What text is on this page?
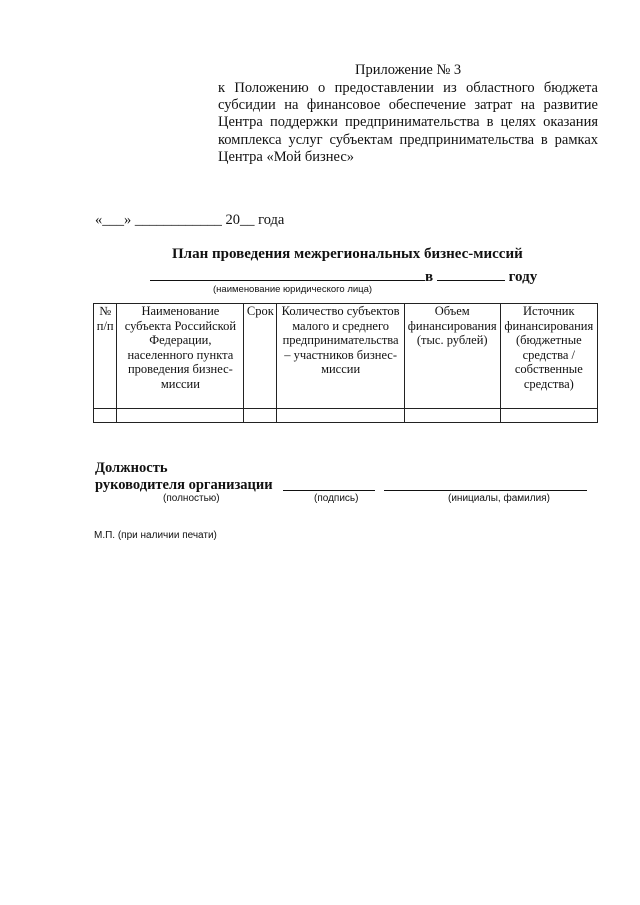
Приложение № 3
к Положению о предоставлении из областного бюджета
субсидии на финансовое обеспечение затрат на развитие
Центра поддержки предпринимательства в целях оказания
комплекса услуг субъектам предпринимательства в рамках
Центра «Мой бизнес»
«___» ____________ 20__ года
План проведения межрегиональных бизнес-миссий
в	году
(наименование юридического лица)
№ п/п	Наименование субъекта Российской Федерации, населенного пункта проведения бизнес-миссии	Срок	Количество субъектов малого и среднего предпринимательства – участников бизнес-миссии	Объем финансирования (тыс. рублей)	Источник финансирования (бюджетные средства / собственные средства)

Должность
руководителя организации
(полностью)	(подпись)	(инициалы, фамилия)
М.П. (при наличии печати)
